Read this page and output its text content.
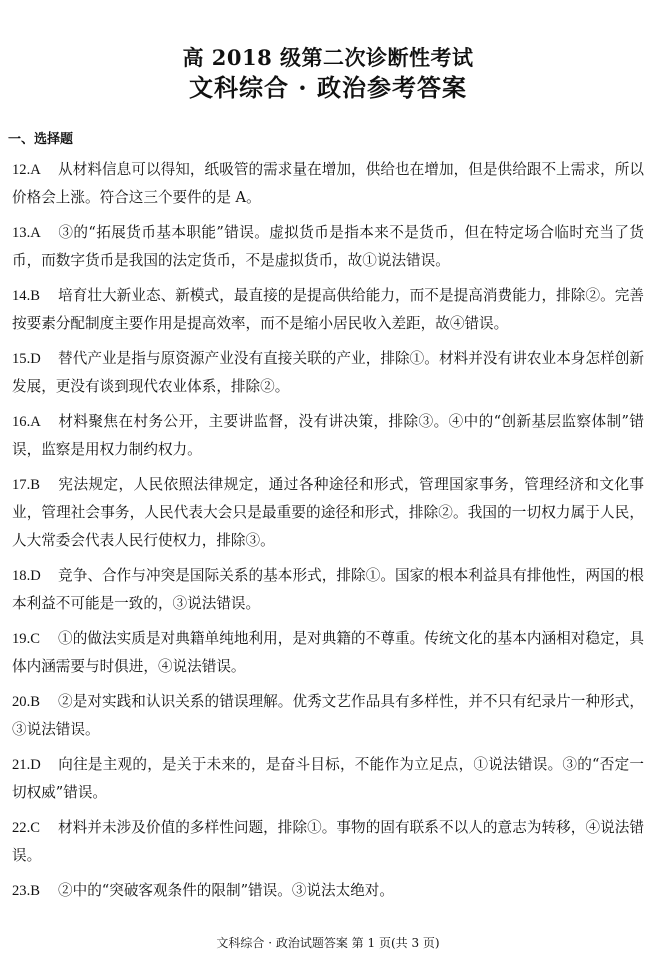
高 2018 级第二次诊断性考试
文科综合 · 政治参考答案
一、选择题
12.A 从材料信息可以得知，纸吸管的需求量在增加，供给也在增加，但是供给跟不上需求，所以价格会上涨。符合这三个要件的是 A。
13.A ③的“拓展货币基本职能”错误。虚拟货币是指本来不是货币，但在特定场合临时充当了货币，而数字货币是我国的法定货币，不是虚拟货币，故①说法错误。
14.B 培育壮大新业态、新模式，最直接的是提高供给能力，而不是提高消费能力，排除②。完善按要素分配制度主要作用是提高效率，而不是缩小居民收入差距，故④错误。
15.D 替代产业是指与原资源产业没有直接关联的产业，排除①。材料并没有讲农业本身怎样创新发展，更没有谈到现代农业体系，排除②。
16.A 材料聚焦在村务公开，主要讲监督，没有讲决策，排除③。④中的“创新基层监察体制”错误，监察是用权力制约权力。
17.B 宪法规定，人民依照法律规定，通过各种途径和形式，管理国家事务，管理经济和文化事业，管理社会事务，人民代表大会只是最重要的途径和形式，排除②。我国的一切权力属于人民，人大常委会代表人民行使权力，排除③。
18.D 竞争、合作与冲突是国际关系的基本形式，排除①。国家的根本利益具有排他性，两国的根本利益不可能是一致的，③说法错误。
19.C ①的做法实质是对典籍单纯地利用，是对典籍的不尊重。传统文化的基本内涵相对稳定，具体内涵需要与时俱进，④说法错误。
20.B ②是对实践和认识关系的错误理解。优秀文艺作品具有多样性，并不只有纪录片一种形式，③说法错误。
21.D 向往是主观的，是关于未来的，是奋斗目标，不能作为立足点，①说法错误。③的“否定一切权威”错误。
22.C 材料并未涉及价值的多样性问题，排除①。事物的固有联系不以人的意志为转移，④说法错误。
23.B ②中的“突破客观条件的限制”错误。③说法太绝对。
文科综合 · 政治试题答案 第 1 页(共 3 页)
